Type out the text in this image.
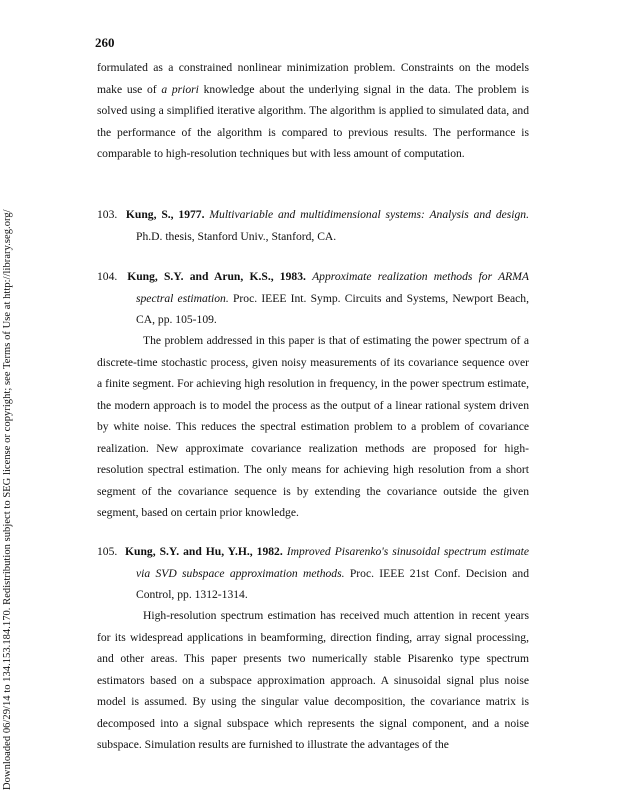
260
Downloaded 06/29/14 to 134.153.184.170. Redistribution subject to SEG license or copyright; see Terms of Use at http://library.seg.org/

formulated as a constrained nonlinear minimization problem. Constraints on the models make use of a priori knowledge about the underlying signal in the data. The problem is solved using a simplified iterative algorithm. The algorithm is applied to simulated data, and the performance of the algorithm is compared to previous results. The performance is comparable to high-resolution techniques but with less amount of computation.

103. Kung, S., 1977. Multivariable and multidimensional systems: Analysis and design. Ph.D. thesis, Stanford Univ., Stanford, CA.
104. Kung, S.Y. and Arun, K.S., 1983. Approximate realization methods for ARMA spectral estimation. Proc. IEEE Int. Symp. Circuits and Systems, Newport Beach, CA, pp. 105-109.

The problem addressed in this paper is that of estimating the power spectrum of a discrete-time stochastic process, given noisy measurements of its covariance sequence over a finite segment. For achieving high resolution in frequency, in the power spectrum estimate, the modern approach is to model the process as the output of a linear rational system driven by white noise. This reduces the spectral estimation problem to a problem of covariance realization. New approximate covariance realization methods are proposed for high-resolution spectral estimation. The only means for achieving high resolution from a short segment of the covariance sequence is by extending the covariance outside the given segment, based on certain prior knowledge.

105. Kung, S.Y. and Hu, Y.H., 1982. Improved Pisarenko's sinusoidal spectrum estimate via SVD subspace approximation methods. Proc. IEEE 21st Conf. Decision and Control, pp. 1312-1314.

High-resolution spectrum estimation has received much attention in recent years for its widespread applications in beamforming, direction finding, array signal processing, and other areas. This paper presents two numerically stable Pisarenko type spectrum estimators based on a subspace approximation approach. A sinusoidal signal plus noise model is assumed. By using the singular value decomposition, the covariance matrix is decomposed into a signal subspace which represents the signal component, and a noise subspace. Simulation results are furnished to illustrate the advantages of the
